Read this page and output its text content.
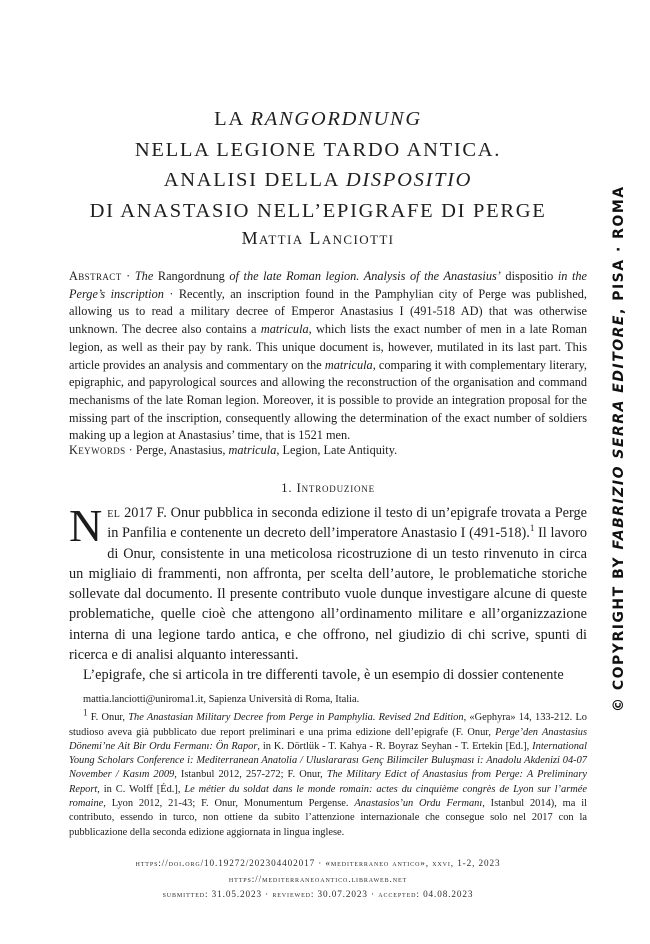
LA RANGORDNUNG
NELLA LEGIONE TARDO ANTICA.
ANALISI DELLA DISPOSITIO
DI ANASTASIO NELL’EPIGRAFE DI PERGE
Mattia Lanciotti
Abstract · The Rangordnung of the late Roman legion. Analysis of the Anastasius’ dispositio in the Perge’s inscription · Recently, an inscription found in the Pamphylian city of Perge was published, allowing us to read a military decree of Emperor Anastasius I (491-518 AD) that was otherwise unknown. The decree also contains a matricula, which lists the exact number of men in a late Roman legion, as well as their pay by rank. This unique document is, however, mutilated in its last part. This article provides an analysis and commentary on the matricula, comparing it with complementary literary, epigraphic, and papyrological sources and allowing the reconstruction of the organisation and command mechanisms of the late Roman legion. Moreover, it is possible to provide an integration proposal for the missing part of the inscription, consequently allowing the determination of the exact number of soldiers making up a legion at Anastasius’ time, that is 1521 men.
Keywords · Perge, Anastasius, matricula, Legion, Late Antiquity.
1. Introduzione

Nel 2017 F. Onur pubblica in seconda edizione il testo di un’epigrafe trovata a Perge in Panfilia e contenente un decreto dell’imperatore Anastasio I (491-518).$^1$ Il lavoro di Onur, consistente in una meticolosa ricostruzione di un testo rinvenuto in circa un migliaio di frammenti, non affronta, per scelta dell’autore, le problematiche storiche sollevate dal documento. Il presente contributo vuole dunque investigare alcune di queste problematiche, quelle cioè che attengono all’ordinamento militare e all’organizzazione interna di una legione tardo antica, e che offrono, nel giudizio di chi scrive, spunti di ricerca e di analisi alquanto interessanti.

L’epigrafe, che si articola in tre differenti tavole, è un esempio di dossier contenente

mattia.lanciotti@uniroma1.it, Sapienza Università di Roma, Italia.

$^1$ F. Onur, The Anastasian Military Decree from Perge in Pamphylia. Revised 2nd Edition, «Gephyra» 14, 133-212. Lo studioso aveva già pubblicato due report preliminari e una prima edizione dell’epigrafe (F. Onur, Perge’den Anastasius Dönemi’ne Ait Bir Ordu Fermanı: Ön Rapor, in K. Dörtlük - T. Kahya - R. Boyraz Seyhan - T. Ertekin [Ed.], International Young Scholars Conference i: Mediterranean Anatolia / Uluslararası Genç Bilimciler Buluşması i: Anadolu Akdenizi 04-07 November / Kasım 2009, Istanbul 2012, 257-272; F. Onur, The Military Edict of Anastasius from Perge: A Preliminary Report, in C. Wolff [Éd.], Le métier du soldat dans le monde romain: actes du cinquième congrès de Lyon sur l’armée romaine, Lyon 2012, 21-43; F. Onur, Monumentum Pergense. Anastasios’un Ordu Fermanı, Istanbul 2014), ma il contributo, essendo in turco, non ottiene da subito l’attenzione internazionale che consegue solo nel 2017 con la pubblicazione della seconda edizione aggiornata in lingua inglese.

https://doi.org/10.19272/202304402017 · «mediterraneo antico», xxvi, 1-2, 2023
https://mediterraneoantico.libraweb.net
submitted: 31.05.2023 · reviewed: 30.07.2023 · accepted: 04.08.2023
© COPYRIGHT BY FABRIZIO SERRA EDITORE, PISA · ROMA
